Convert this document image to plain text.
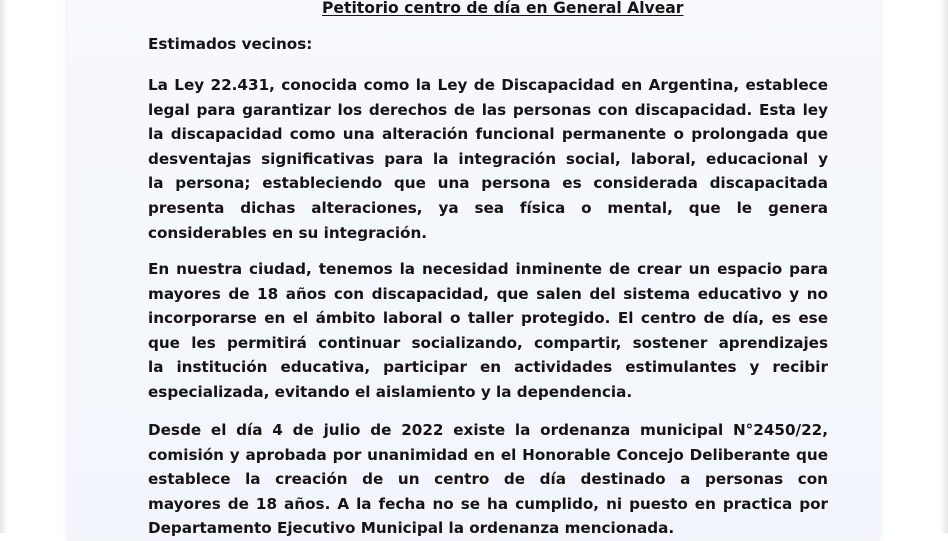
Petitorio centro de día en General Alvear
Estimados vecinos:
La Ley 22.431, conocida como la Ley de Discapacidad en Argentina, establece
legal para garantizar los derechos de las personas con discapacidad. Esta ley
la discapacidad como una alteración funcional permanente o prolongada que
desventajas significativas para la integración social, laboral, educacional y
la persona; estableciendo que una persona es considerada discapacitada
presenta dichas alteraciones, ya sea física o mental, que le genera
considerables en su integración.
En nuestra ciudad, tenemos la necesidad inminente de crear un espacio para
mayores de 18 años con discapacidad, que salen del sistema educativo y no
incorporarse en el ámbito laboral o taller protegido. El centro de día, es ese
que les permitirá continuar socializando, compartir, sostener aprendizajes
la institución educativa, participar en actividades estimulantes y recibir
especializada, evitando el aislamiento y la dependencia.
Desde el día 4 de julio de 2022 existe la ordenanza municipal N°2450/22,
comisión y aprobada por unanimidad en el Honorable Concejo Deliberante que
establece la creación de un centro de día destinado a personas con
mayores de 18 años. A la fecha no se ha cumplido, ni puesto en practica por
Departamento Ejecutivo Municipal la ordenanza mencionada.
